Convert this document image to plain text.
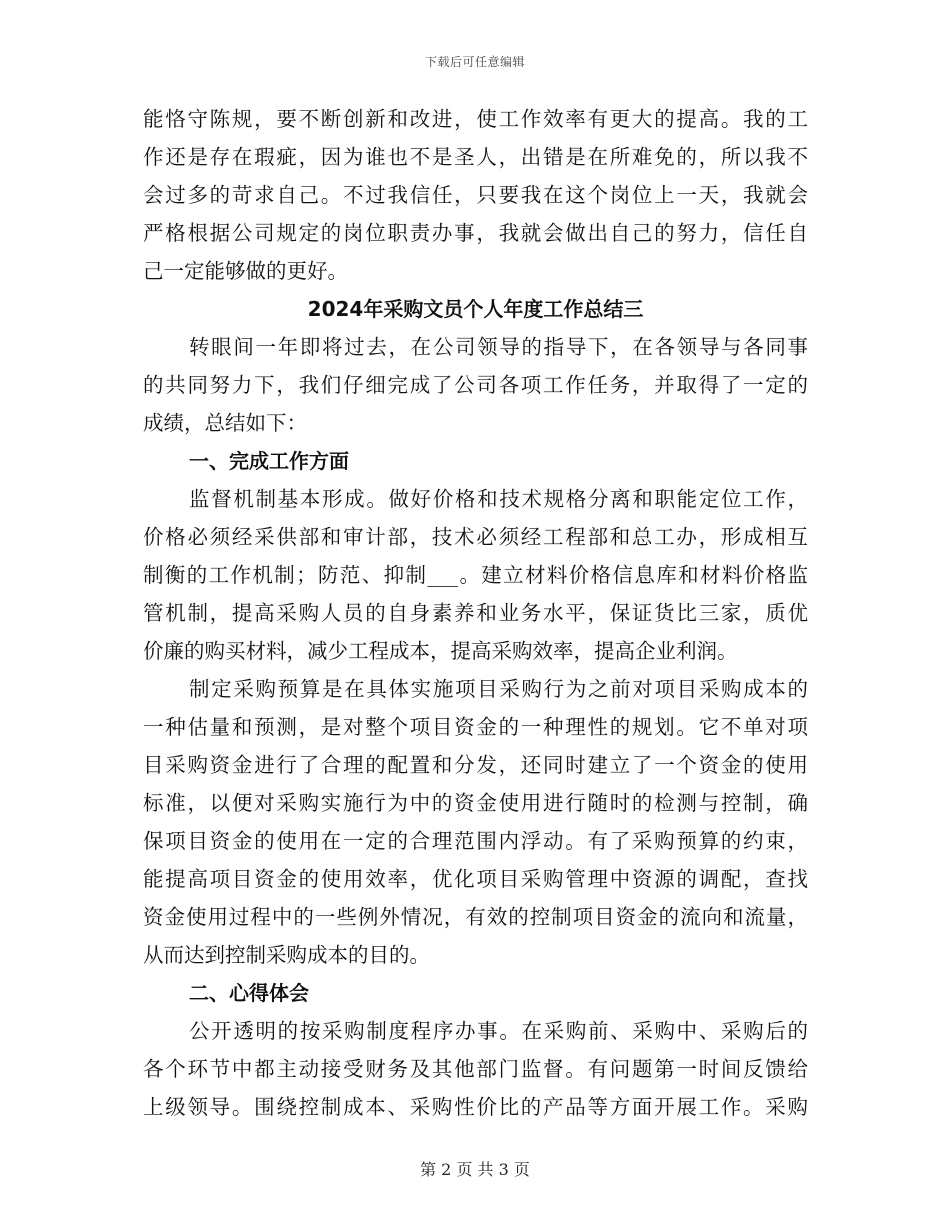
下载后可任意编辑
能恪守陈规，要不断创新和改进，使工作效率有更大的提高。我的工
作还是存在瑕疵，因为谁也不是圣人，出错是在所难免的，所以我不
会过多的苛求自己。不过我信任，只要我在这个岗位上一天，我就会
严格根据公司规定的岗位职责办事，我就会做出自己的努力，信任自
己一定能够做的更好。
2024年采购文员个人年度工作总结三
转眼间一年即将过去，在公司领导的指导下，在各领导与各同事
的共同努力下，我们仔细完成了公司各项工作任务，并取得了一定的
成绩，总结如下：
一、完成工作方面
监督机制基本形成。做好价格和技术规格分离和职能定位工作，
价格必须经采供部和审计部，技术必须经工程部和总工办，形成相互
制衡的工作机制；防范、抑制___。建立材料价格信息库和材料价格监
管机制，提高采购人员的自身素养和业务水平，保证货比三家，质优
价廉的购买材料，减少工程成本，提高采购效率，提高企业利润。
制定采购预算是在具体实施项目采购行为之前对项目采购成本的
一种估量和预测，是对整个项目资金的一种理性的规划。它不单对项
目采购资金进行了合理的配置和分发，还同时建立了一个资金的使用
标准，以便对采购实施行为中的资金使用进行随时的检测与控制，确
保项目资金的使用在一定的合理范围内浮动。有了采购预算的约束，
能提高项目资金的使用效率，优化项目采购管理中资源的调配，查找
资金使用过程中的一些例外情况，有效的控制项目资金的流向和流量，
从而达到控制采购成本的目的。
二、心得体会
公开透明的按采购制度程序办事。在采购前、采购中、采购后的
各个环节中都主动接受财务及其他部门监督。有问题第一时间反馈给
上级领导。围绕控制成本、采购性价比的产品等方面开展工作。采购
第 2 页 共 3 页
